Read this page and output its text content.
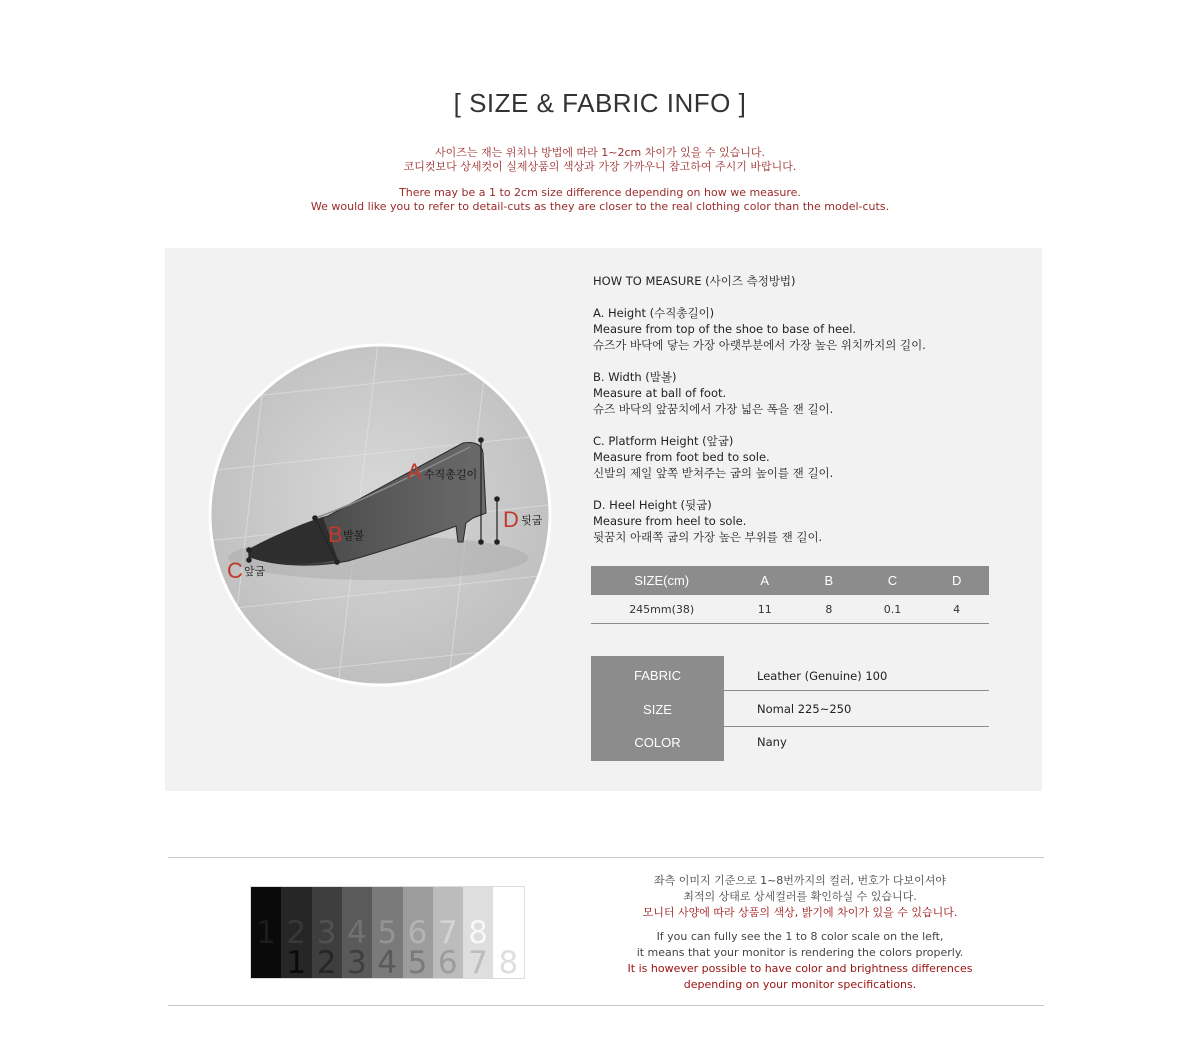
[ SIZE & FABRIC INFO ]

사이즈는 재는 위치나 방법에 따라 1~2cm 차이가 있을 수 있습니다.

코디컷보다 상세컷이 실제상품의 색상과 가장 가까우니 참고하여 주시기 바랍니다.

There may be a 1 to 2cm size difference depending on how we measure.

We would like you to refer to detail-cuts as they are closer to the real clothing color than the model-cuts.

A 수직총길이
B 발볼
C 앞굽
D 뒷굽

HOW TO MEASURE (사이즈 측정방법)

A. Height (수직총길이)

Measure from top of the shoe to base of heel.

슈즈가 바닥에 닿는 가장 아랫부분에서 가장 높은 위치까지의 길이.

B. Width (발볼)

Measure at ball of foot.

슈즈 바닥의 앞꿈치에서 가장 넓은 폭을 잰 길이.

C. Platform Height (앞굽)

Measure from foot bed to sole.

신발의 제일 앞쪽 받쳐주는 굽의 높이를 잰 길이.

D. Heel Height (뒷굽)

Measure from heel to sole.

뒷꿈치 아래쪽 굽의 가장 높은 부위를 잰 길이.

SIZE(cm)	A	B	C	D
245mm(38)	11	8	0.1	4
FABRIC	Leather (Genuine) 100
SIZE	Nomal 225~250
COLOR	Nany
1 2 3 4 5 6 7 8
1 2 3 4 5 6 7 8

좌측 이미지 기준으로 1~8번까지의 컬러, 번호가 다보이셔야

최적의 상태로 상세컬러를 확인하실 수 있습니다.

모니터 사양에 따라 상품의 색상, 밝기에 차이가 있을 수 있습니다.

If you can fully see the 1 to 8 color scale on the left,

it means that your monitor is rendering the colors properly.

It is however possible to have color and brightness differences

depending on your monitor specifications.
